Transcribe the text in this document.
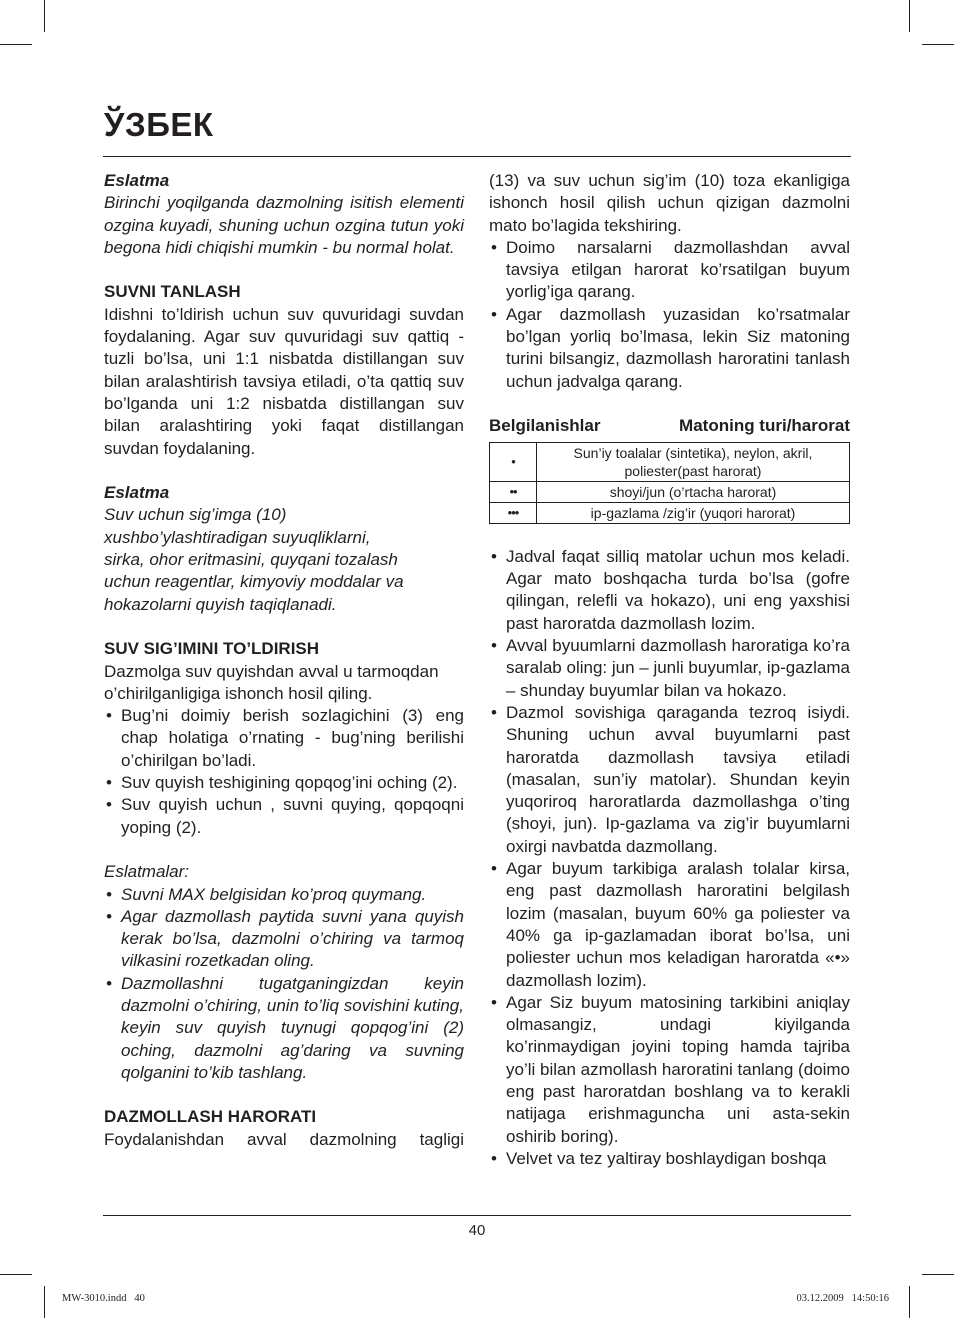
ЎЗБЕК

Eslatma

Birinchi yoqilganda dazmolning isitish elementi ozgina kuyadi, shuning uchun ozgina tutun yoki begona hidi chiqishi mumkin - bu normal holat.

SUVNI TANLASH

Idishni to’ldirish uchun suv quvuridagi suvdan foydalaning. Agar suv quvuridagi suv qattiq - tuzli bo’lsa, uni 1:1 nisbatda distillangan suv bilan aralashtirish tavsiya etiladi, o’ta qattiq suv bo’lganda uni 1:2 nisbatda distillangan suv bilan aralashtiring yoki faqat distillangan suvdan foydalaning.

Eslatma

Suv uchun sig’imga (10)

xushbo’ylashtiradigan suyuqliklarni,

sirka, ohor eritmasini, quyqani tozalash

uchun reagentlar, kimyoviy moddalar va

hokazolarni quyish taqiqlanadi.

SUV SIG’IMINI TO’LDIRISH

Dazmolga suv quyishdan avval u tarmoqdan o’chirilganligiga ishonch hosil qiling.

• Bug’ni doimiy berish sozlagichini (3) eng chap holatiga o’rnating - bug’ning berilishi o’chirilgan bo’ladi.
• Suv quyish teshigining qopqog’ini oching (2).
• Suv quyish uchun , suvni quying, qopqoqni yoping (2).

Eslatmalar:

• Suvni MAX belgisidan ko’proq quymang.
• Agar dazmollash paytida suvni yana quyish kerak bo’lsa, dazmolni o’chiring va tarmoq vilkasini rozetkadan oling.
• Dazmollashni tugatganingizdan keyin dazmolni o’chiring, unin to’liq sovishini kuting, keyin suv quyish tuynugi qopqog’ini (2) oching, dazmolni ag’daring va suvning qolganini to’kib tashlang.

DAZMOLLASH HARORATI

Foydalanishdan avval dazmolning tagligi

(13) va suv uchun sig’im (10) toza ekanligiga ishonch hosil qilish uchun qizigan dazmolni mato bo’lagida tekshiring.

• Doimo narsalarni dazmollashdan avval tavsiya etilgan harorat ko’rsatilgan buyum yorlig’iga qarang.
• Agar dazmollash yuzasidan ko’rsatmalar bo’lgan yorliq bo’lmasa, lekin Siz matoning turini bilsangiz, dazmollash haroratini tanlash uchun jadvalga qarang.

Belgilanishlar	Matoning turi/harorat

•	Sun’iy toalalar (sintetika), neylon, akril, poliester(past harorat)
••	shoyi/jun (o’rtacha harorat)
•••	ip-gazlama /zig’ir (yuqori harorat)
• Jadval faqat silliq matolar uchun mos keladi. Agar mato boshqacha turda bo’lsa (gofre qilingan, relefli va hokazo), uni eng yaxshisi past haroratda dazmollash lozim.
• Avval byuumlarni dazmollash haroratiga ko’ra saralab oling: jun – junli buyumlar, ip-gazlama – shunday buyumlar bilan va hokazo.
• Dazmol sovishiga qaraganda tezroq isiydi. Shuning uchun avval buyumlarni past haroratda dazmollash tavsiya etiladi (masalan, sun’iy matolar). Shundan keyin yuqoriroq haroratlarda dazmollashga o’ting (shoyi, jun). Ip-gazlama va zig’ir buyumlarni oxirgi navbatda dazmollang.
• Agar buyum tarkibiga aralash tolalar kirsa, eng past dazmollash haroratini belgilash lozim (masalan, buyum 60% ga poliester va 40% ga ip-gazlamadan iborat bo’lsa, uni poliester uchun mos keladigan haroratda «•» dazmollash lozim).
• Agar Siz buyum matosining tarkibini aniqlay olmasangiz, undagi kiyilganda ko’rinmaydigan joyini toping hamda tajriba yo’li bilan azmollash haroratini tanlang (doimo eng past haroratdan boshlang va to kerakli natijaga erishmaguncha uni asta-sekin oshirib boring).
• Velvet va tez yaltiray boshlaydigan boshqa
40
MW-3010.indd   40	03.12.2009   14:50:16
